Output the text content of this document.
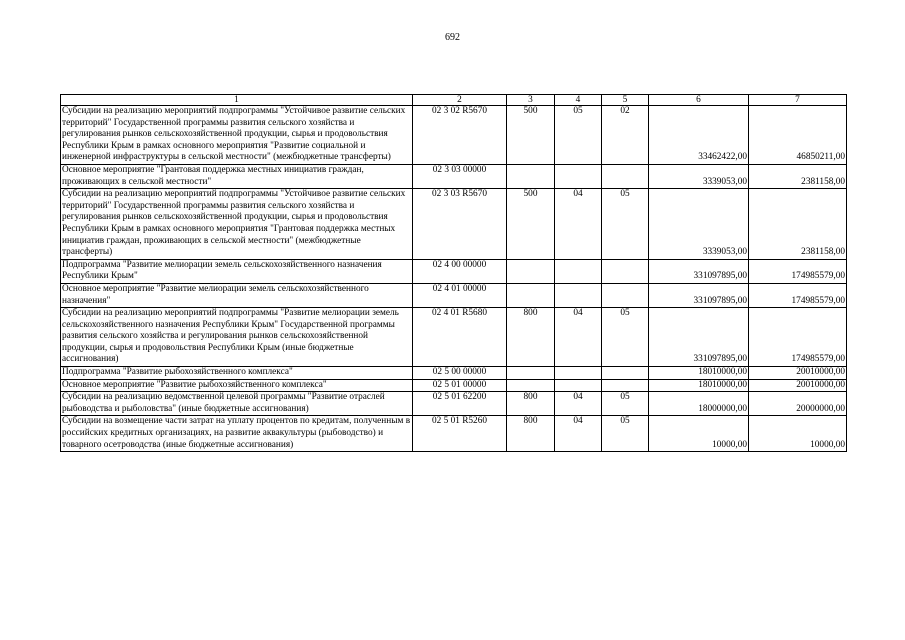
692
1	2	3	4	5	6	7
Субсидии на реализацию мероприятий подпрограммы "Устойчивое развитие сельских территорий" Государственной программы развития сельского хозяйства и регулирования рынков сельскохозяйственной продукции, сырья и продовольствия Республики Крым в рамках основного мероприятия "Развитие социальной и инженерной инфраструктуры в сельской местности" (межбюджетные трансферты)	02 3 02 R5670	500	05	02	33462422,00	46850211,00
Основное мероприятие "Грантовая поддержка местных инициатив граждан, проживающих в сельской местности"	02 3 03 00000				3339053,00	2381158,00
Субсидии на реализацию мероприятий подпрограммы "Устойчивое развитие сельских территорий" Государственной программы развития сельского хозяйства и регулирования рынков сельскохозяйственной продукции, сырья и продовольствия Республики Крым в рамках основного мероприятия "Грантовая поддержка местных инициатив граждан, проживающих в сельской местности" (межбюджетные трансферты)	02 3 03 R5670	500	04	05	3339053,00	2381158,00
Подпрограмма "Развитие мелиорации земель сельскохозяйственного назначения Республики Крым"	02 4 00 00000				331097895,00	174985579,00
Основное мероприятие "Развитие мелиорации земель сельскохозяйственного назначения"	02 4 01 00000				331097895,00	174985579,00
Субсидии на реализацию мероприятий подпрограммы "Развитие мелиорации земель сельскохозяйственного назначения Республики Крым" Государственной программы развития сельского хозяйства и регулирования рынков сельскохозяйственной продукции, сырья и продовольствия Республики Крым (иные бюджетные ассигнования)	02 4 01 R5680	800	04	05	331097895,00	174985579,00
Подпрограмма "Развитие рыбохозяйственного комплекса"	02 5 00 00000				18010000,00	20010000,00
Основное мероприятие "Развитие рыбохозяйственного комплекса"	02 5 01 00000				18010000,00	20010000,00
Субсидии на реализацию ведомственной целевой программы "Развитие отраслей рыбоводства и рыболовства" (иные бюджетные ассигнования)	02 5 01 62200	800	04	05	18000000,00	20000000,00
Субсидии на возмещение части затрат на уплату процентов по кредитам, полученным в российских кредитных организациях, на развитие аквакультуры (рыбоводство) и товарного осетроводства (иные бюджетные ассигнования)	02 5 01 R5260	800	04	05	10000,00	10000,00
